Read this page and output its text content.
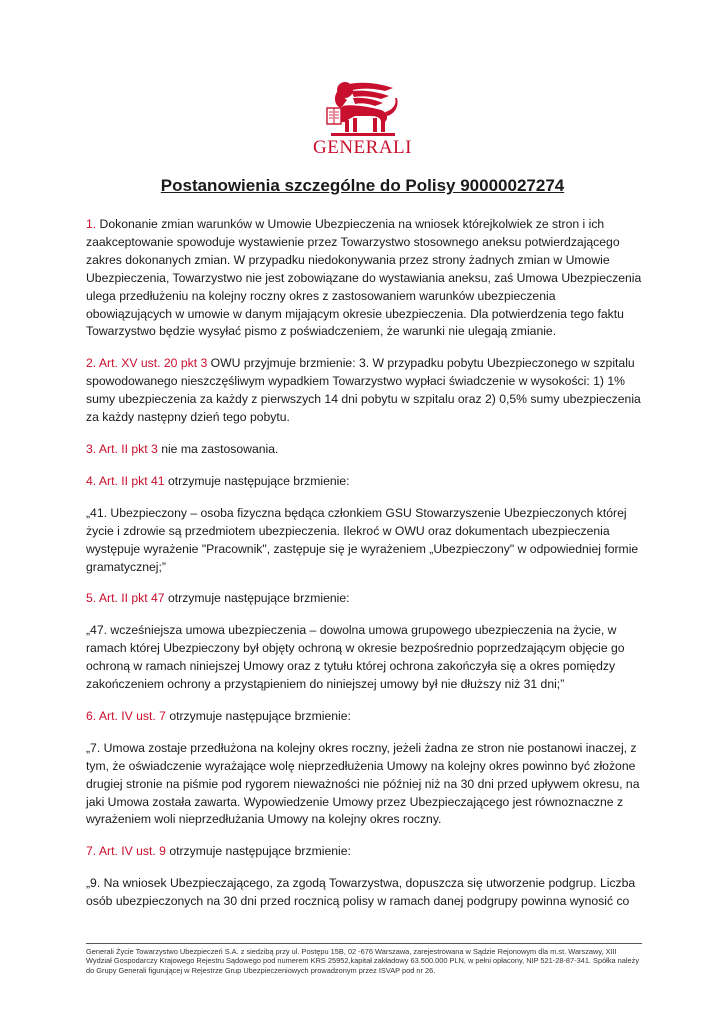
GENERALI
Postanowienia szczególne do Polisy 90000027274

1. Dokonanie zmian warunków w Umowie Ubezpieczenia na wniosek którejkolwiek ze stron i ich zaakceptowanie spowoduje wystawienie przez Towarzystwo stosownego aneksu potwierdzającego zakres dokonanych zmian. W przypadku niedokonywania przez strony żadnych zmian w Umowie Ubezpieczenia, Towarzystwo nie jest zobowiązane do wystawiania aneksu, zaś Umowa Ubezpieczenia ulega przedłużeniu na kolejny roczny okres z zastosowaniem warunków ubezpieczenia obowiązujących w umowie w danym mijającym okresie ubezpieczenia. Dla potwierdzenia tego faktu Towarzystwo będzie wysyłać pismo z poświadczeniem, że warunki nie ulegają zmianie.

2. Art. XV ust. 20 pkt 3 OWU przyjmuje brzmienie: 3. W przypadku pobytu Ubezpieczonego w szpitalu spowodowanego nieszczęśliwym wypadkiem Towarzystwo wypłaci świadczenie w wysokości: 1) 1% sumy ubezpieczenia za każdy z pierwszych 14 dni pobytu w szpitalu oraz 2) 0,5% sumy ubezpieczenia za każdy następny dzień tego pobytu.

3. Art. II pkt 3 nie ma zastosowania.

4. Art. II pkt 41 otrzymuje następujące brzmienie:

„41. Ubezpieczony – osoba fizyczna będąca członkiem GSU Stowarzyszenie Ubezpieczonych której życie i zdrowie są przedmiotem ubezpieczenia. Ilekroć w OWU oraz dokumentach ubezpieczenia występuje wyrażenie "Pracownik", zastępuje się je wyrażeniem „Ubezpieczony" w odpowiedniej formie gramatycznej;”

5. Art. II pkt 47 otrzymuje następujące brzmienie:

„47. wcześniejsza umowa ubezpieczenia – dowolna umowa grupowego ubezpieczenia na życie, w ramach której Ubezpieczony był objęty ochroną w okresie bezpośrednio poprzedzającym objęcie go ochroną w ramach niniejszej Umowy oraz z tytułu której ochrona zakończyła się a okres pomiędzy zakończeniem ochrony a przystąpieniem do niniejszej umowy był nie dłuższy niż 31 dni;”

6. Art. IV ust. 7 otrzymuje następujące brzmienie:

„7. Umowa zostaje przedłużona na kolejny okres roczny, jeżeli żadna ze stron nie postanowi inaczej, z tym, że oświadczenie wyrażające wolę nieprzedłużenia Umowy na kolejny okres powinno być złożone drugiej stronie na piśmie pod rygorem nieważności nie później niż na 30 dni przed upływem okresu, na jaki Umowa została zawarta. Wypowiedzenie Umowy przez Ubezpieczającego jest równoznaczne z wyrażeniem woli nieprzedłużania Umowy na kolejny okres roczny.

7. Art. IV ust. 9 otrzymuje następujące brzmienie:

„9. Na wniosek Ubezpieczającego, za zgodą Towarzystwa, dopuszcza się utworzenie podgrup. Liczba osób ubezpieczonych na 30 dni przed rocznicą polisy w ramach danej podgrupy powinna wynosić co

Generali Życie Towarzystwo Ubezpieczeń S.A. z siedzibą przy ul. Postępu 15B, 02 -676 Warszawa, zarejestrowana w Sądzie Rejonowym dla m.st. Warszawy, XIII Wydział Gospodarczy Krajowego Rejestru Sądowego pod numerem KRS 25952,kapitał zakładowy 63.500.000 PLN, w pełni opłacony, NIP 521-28-87-341. Spółka należy do Grupy Generali figurującej w Rejestrze Grup Ubezpieczeniowych prowadzonym przez ISVAP pod nr 26.
